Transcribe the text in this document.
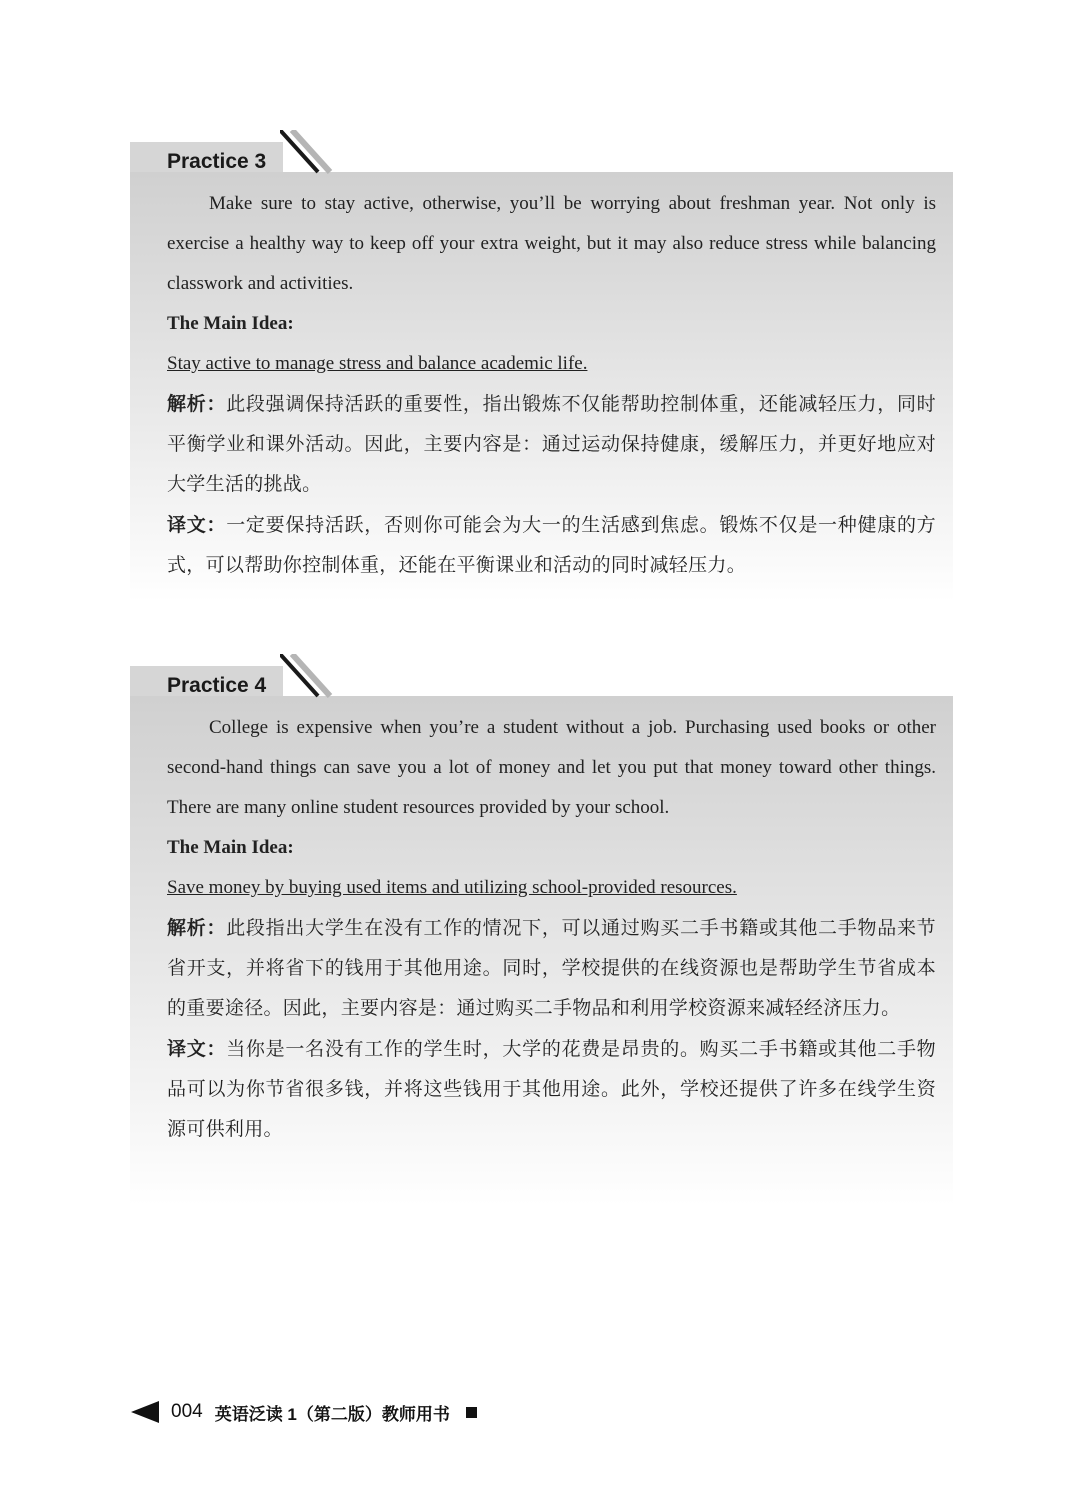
Practice 3

Make sure to stay active, otherwise, you’ll be worrying about freshman year. Not only is exercise a healthy way to keep off your extra weight, but it may also reduce stress while balancing classwork and activities.

The Main Idea:

Stay active to manage stress and balance academic life.

解析：此段强调保持活跃的重要性，指出锻炼不仅能帮助控制体重，还能减轻压力，同时平衡学业和课外活动。因此，主要内容是：通过运动保持健康，缓解压力，并更好地应对大学生活的挑战。

译文：一定要保持活跃，否则你可能会为大一的生活感到焦虑。锻炼不仅是一种健康的方式，可以帮助你控制体重，还能在平衡课业和活动的同时减轻压力。

Practice 4

College is expensive when you’re a student without a job. Purchasing used books or other second-hand things can save you a lot of money and let you put that money toward other things. There are many online student resources provided by your school.

The Main Idea:

Save money by buying used items and utilizing school-provided resources.

解析：此段指出大学生在没有工作的情况下，可以通过购买二手书籍或其他二手物品来节省开支，并将省下的钱用于其他用途。同时，学校提供的在线资源也是帮助学生节省成本的重要途径。因此，主要内容是：通过购买二手物品和利用学校资源来减轻经济压力。

译文：当你是一名没有工作的学生时，大学的花费是昂贵的。购买二手书籍或其他二手物品可以为你节省很多钱，并将这些钱用于其他用途。此外，学校还提供了许多在线学生资源可供利用。

004 英语泛读 1（第二版）教师用书
